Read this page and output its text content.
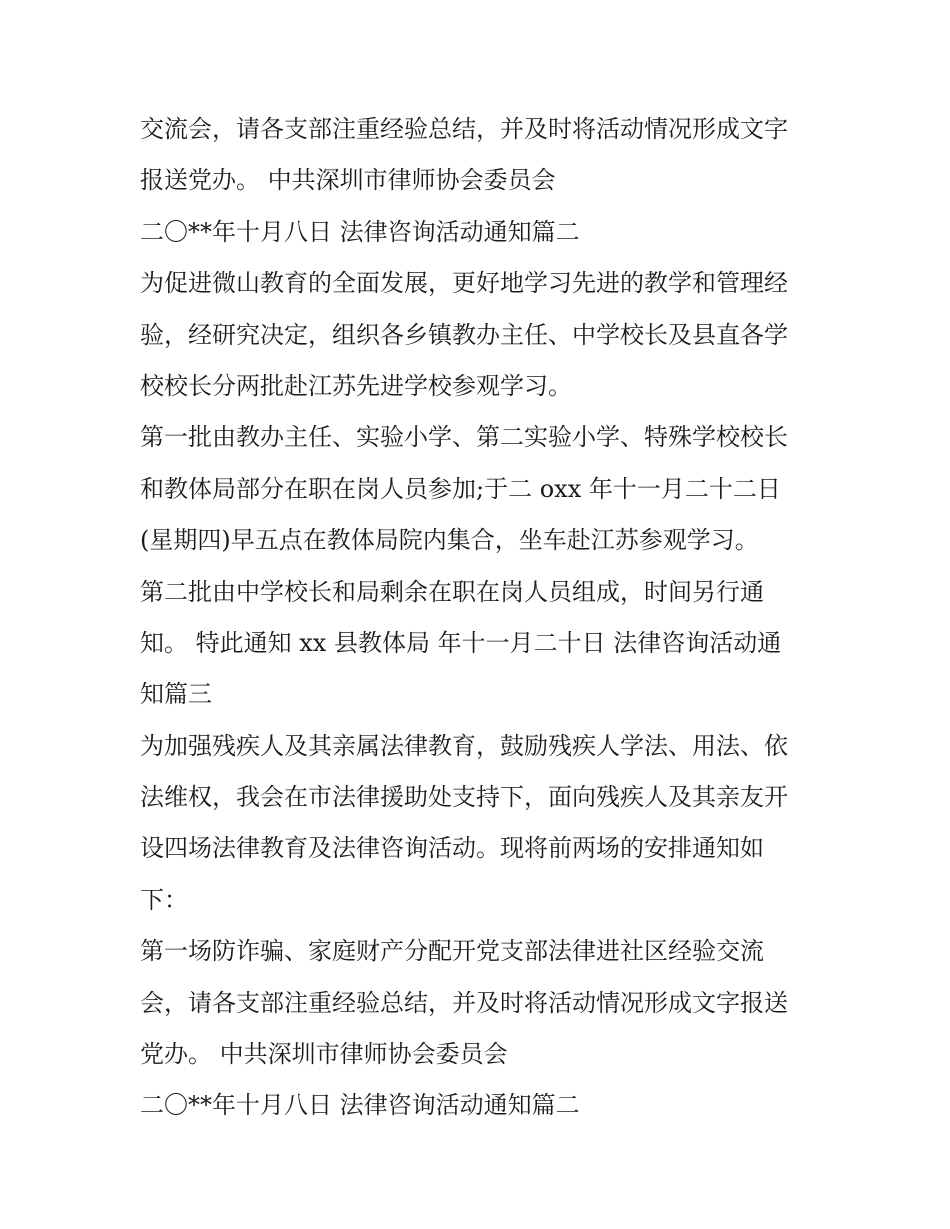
交流会，请各支部注重经验总结，并及时将活动情况形成文字
报送党办。 中共深圳市律师协会委员会
二〇**年十月八日 法律咨询活动通知篇二
为促进微山教育的全面发展，更好地学习先进的教学和管理经
验，经研究决定，组织各乡镇教办主任、中学校长及县直各学
校校长分两批赴江苏先进学校参观学习。
第一批由教办主任、实验小学、第二实验小学、特殊学校校长
和教体局部分在职在岗人员参加;于二 oxx 年十一月二十二日
(星期四)早五点在教体局院内集合，坐车赴江苏参观学习。
第二批由中学校长和局剩余在职在岗人员组成，时间另行通
知。 特此通知 xx 县教体局 年十一月二十日 法律咨询活动通
知篇三
为加强残疾人及其亲属法律教育，鼓励残疾人学法、用法、依
法维权，我会在市法律援助处支持下，面向残疾人及其亲友开
设四场法律教育及法律咨询活动。现将前两场的安排通知如
下：
第一场防诈骗、家庭财产分配开党支部法律进社区经验交流
会，请各支部注重经验总结，并及时将活动情况形成文字报送
党办。 中共深圳市律师协会委员会
二〇**年十月八日 法律咨询活动通知篇二
